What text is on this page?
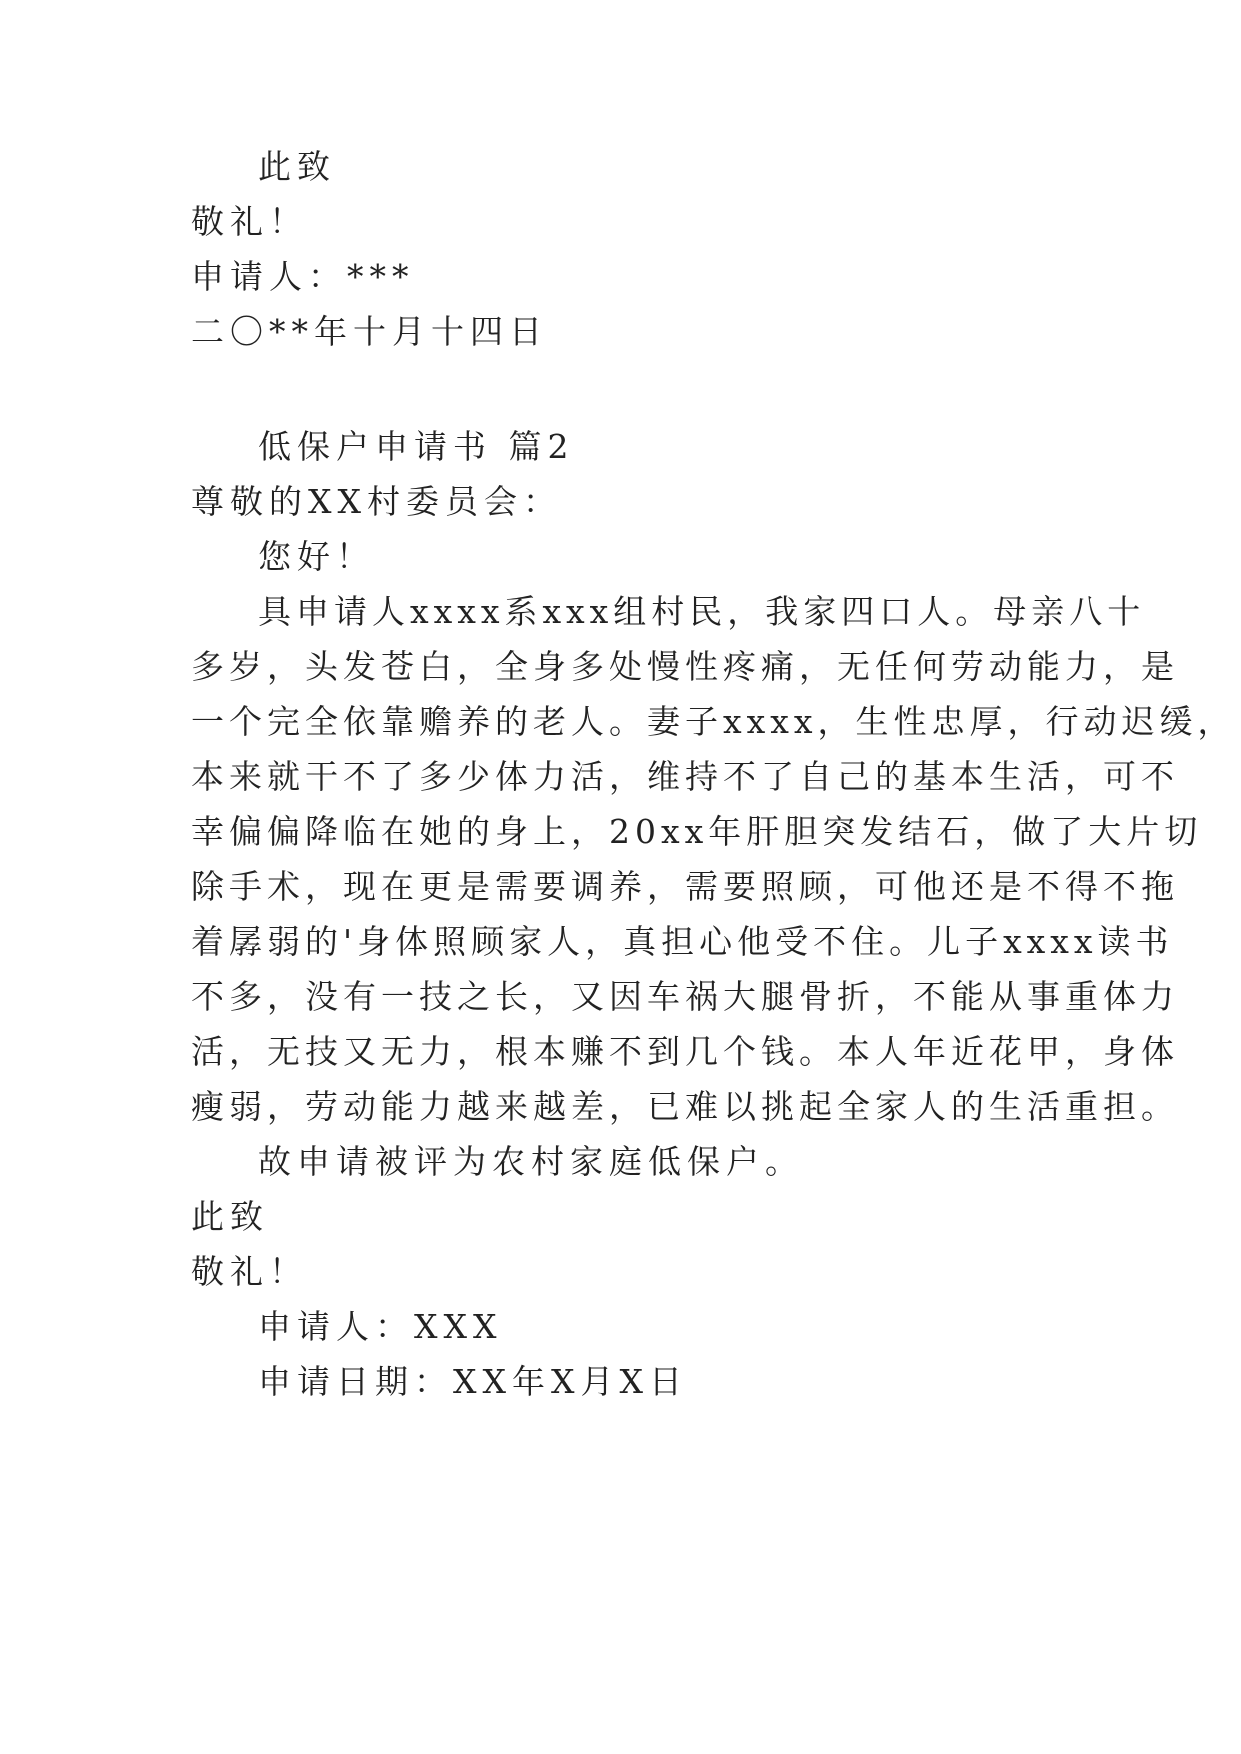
此致
敬礼！
申请人：***
二〇**年十月十四日
低保户申请书 篇2
尊敬的XX村委员会：
您好！
具申请人xxxx系xxx组村民，我家四口人。母亲八十
多岁，头发苍白，全身多处慢性疼痛，无任何劳动能力，是
一个完全依靠赡养的老人。妻子xxxx，生性忠厚，行动迟缓，
本来就干不了多少体力活，维持不了自己的基本生活，可不
幸偏偏降临在她的身上，20xx年肝胆突发结石，做了大片切
除手术，现在更是需要调养，需要照顾，可他还是不得不拖
着孱弱的'身体照顾家人，真担心他受不住。儿子xxxx读书
不多，没有一技之长，又因车祸大腿骨折，不能从事重体力
活，无技又无力，根本赚不到几个钱。本人年近花甲，身体
瘦弱，劳动能力越来越差，已难以挑起全家人的生活重担。
故申请被评为农村家庭低保户。
此致
敬礼！
申请人：XXX
申请日期：XX年X月X日
